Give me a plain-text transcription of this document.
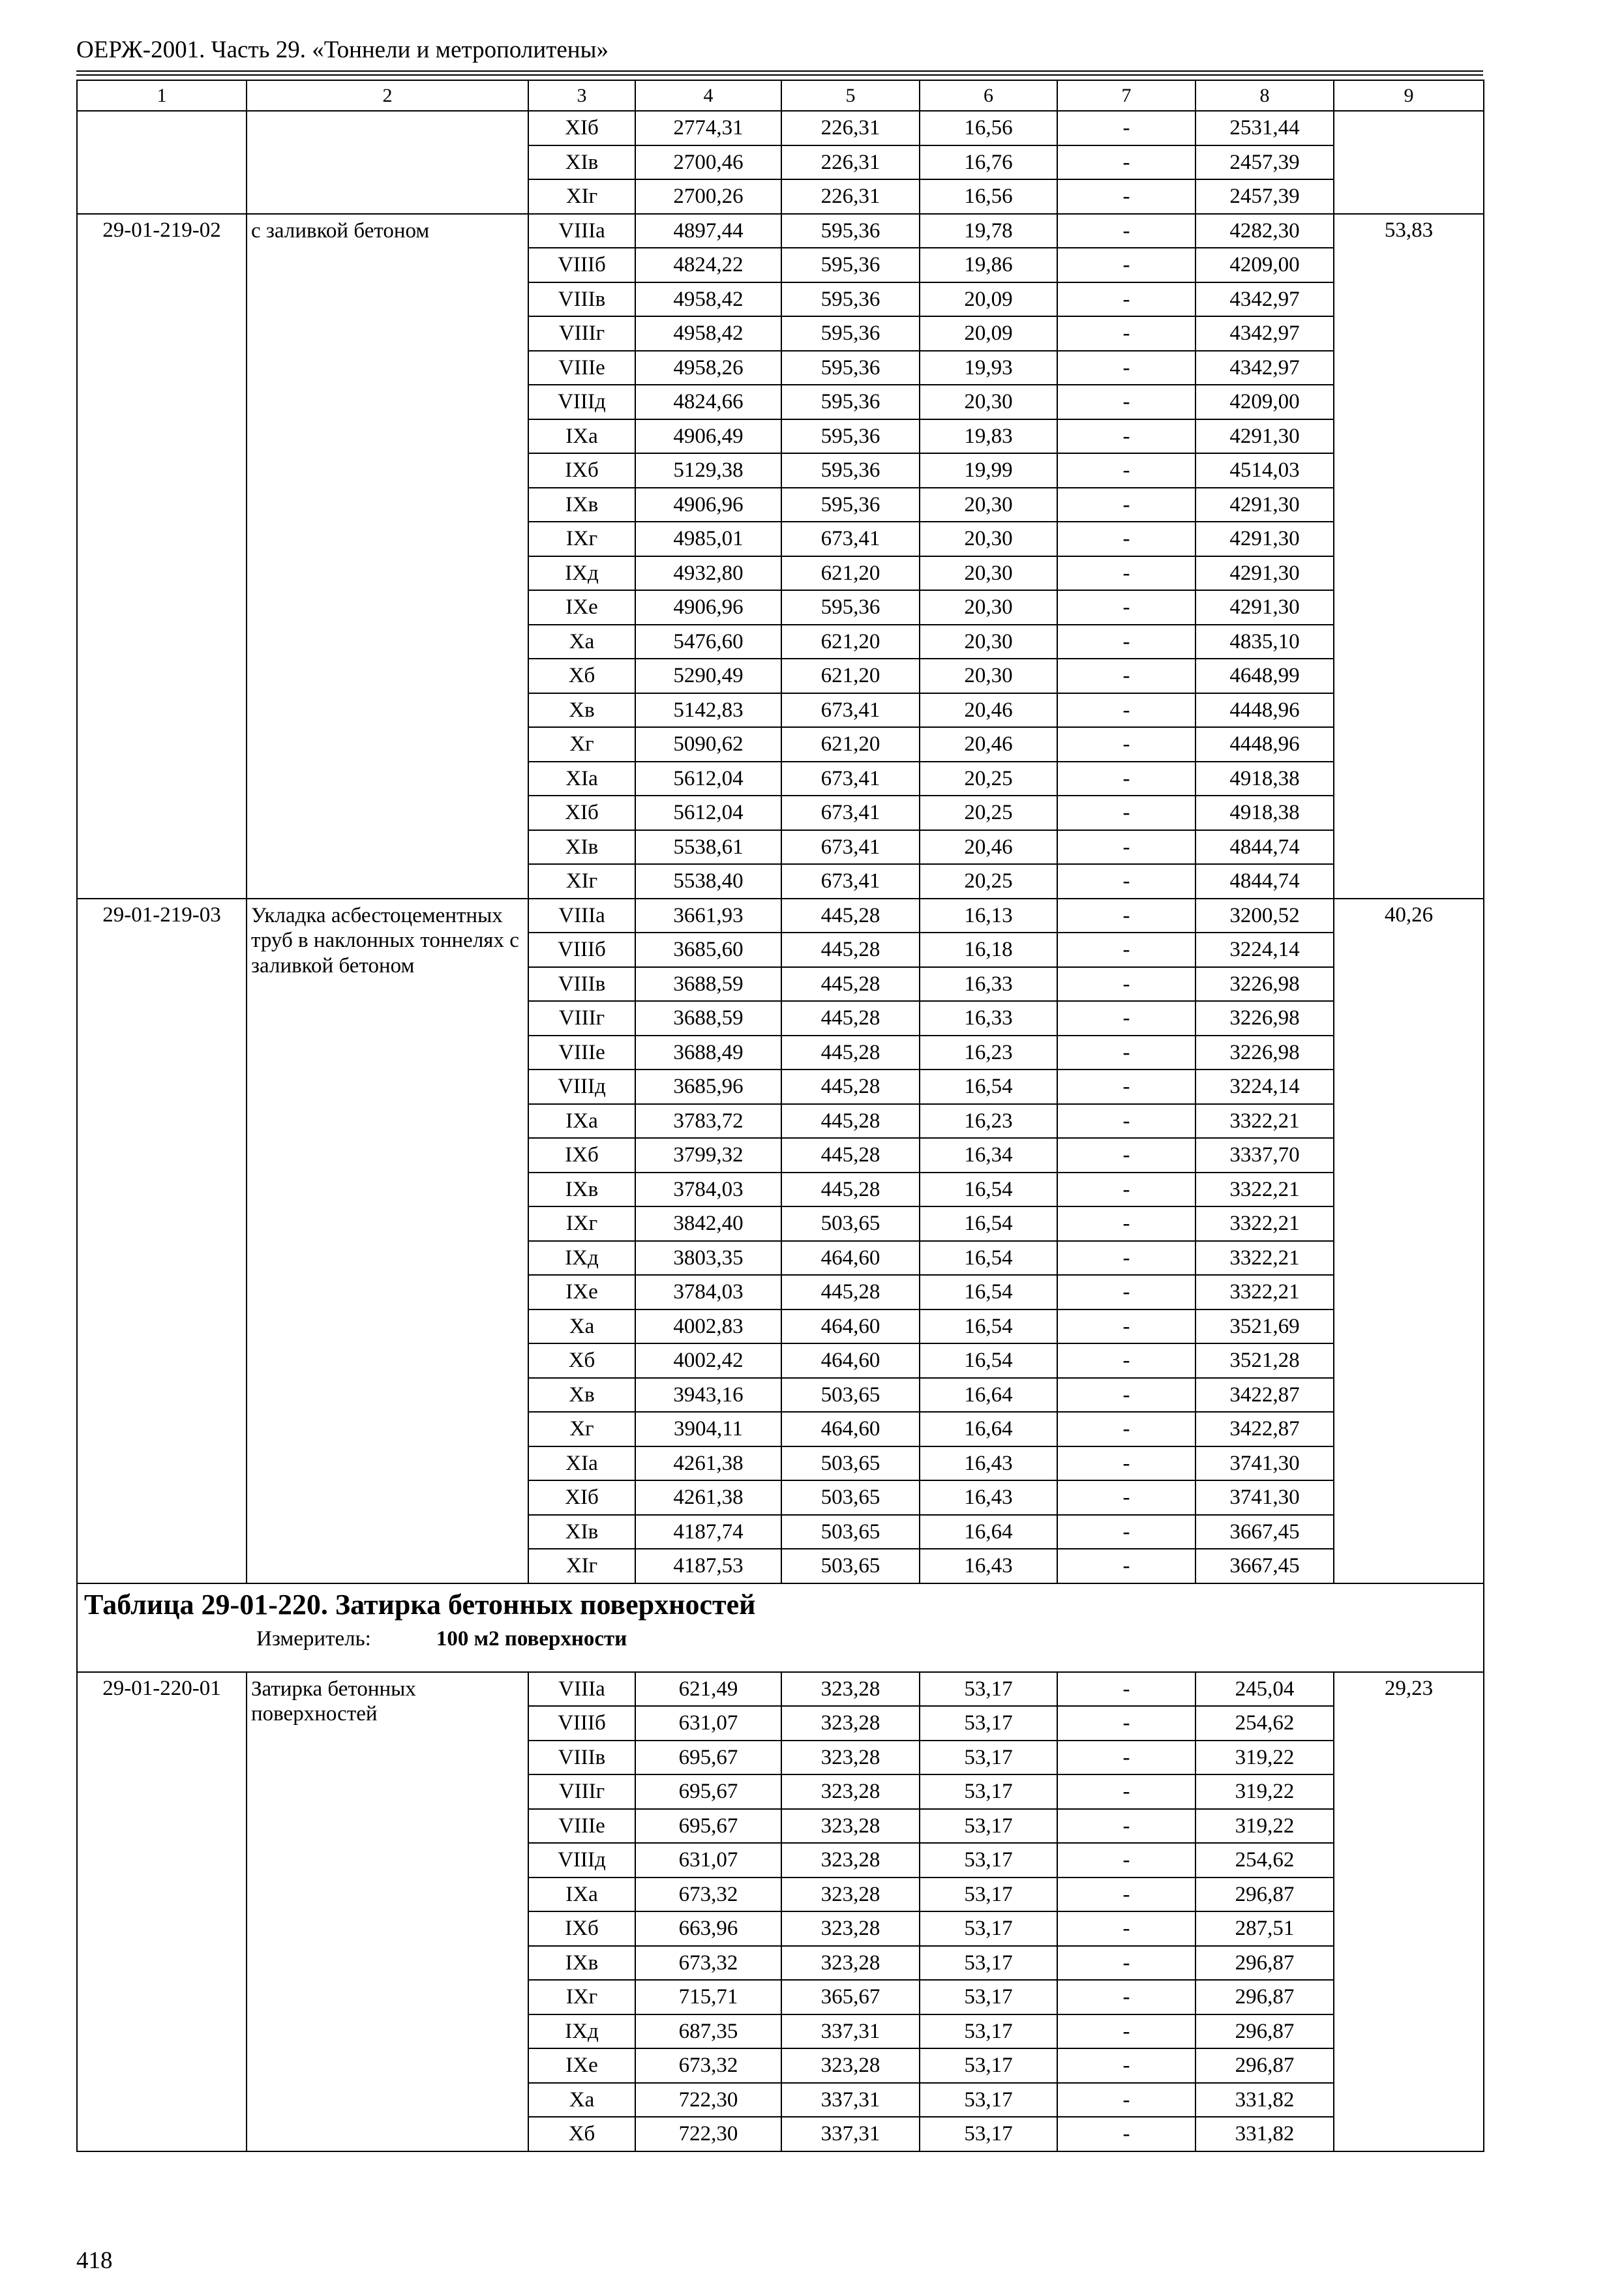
ОЕРЖ-2001. Часть 29. «Тоннели и метрополитены»
1	2	3	4	5	6	7	8	9
		XIб	2774,31	226,31	16,56	-	2531,44	
		XIв	2700,46	226,31	16,76	-	2457,39	
		XIг	2700,26	226,31	16,56	-	2457,39	
29-01-219-02	с заливкой бетоном	VIIIа	4897,44	595,36	19,78	-	4282,30	53,83
		VIIIб	4824,22	595,36	19,86	-	4209,00	
		VIIIв	4958,42	595,36	20,09	-	4342,97	
		VIIIг	4958,42	595,36	20,09	-	4342,97	
		VIIIе	4958,26	595,36	19,93	-	4342,97	
		VIIIд	4824,66	595,36	20,30	-	4209,00	
		IXа	4906,49	595,36	19,83	-	4291,30	
		IXб	5129,38	595,36	19,99	-	4514,03	
		IXв	4906,96	595,36	20,30	-	4291,30	
		IXг	4985,01	673,41	20,30	-	4291,30	
		IXд	4932,80	621,20	20,30	-	4291,30	
		IXе	4906,96	595,36	20,30	-	4291,30	
		Xа	5476,60	621,20	20,30	-	4835,10	
		Xб	5290,49	621,20	20,30	-	4648,99	
		Xв	5142,83	673,41	20,46	-	4448,96	
		Xг	5090,62	621,20	20,46	-	4448,96	
		XIа	5612,04	673,41	20,25	-	4918,38	
		XIб	5612,04	673,41	20,25	-	4918,38	
		XIв	5538,61	673,41	20,46	-	4844,74	
		XIг	5538,40	673,41	20,25	-	4844,74	
29-01-219-03	Укладка асбестоцементных труб в наклонных тоннелях с заливкой бетоном	VIIIа	3661,93	445,28	16,13	-	3200,52	40,26
		VIIIб	3685,60	445,28	16,18	-	3224,14	
		VIIIв	3688,59	445,28	16,33	-	3226,98	
		VIIIг	3688,59	445,28	16,33	-	3226,98	
		VIIIе	3688,49	445,28	16,23	-	3226,98	
		VIIIд	3685,96	445,28	16,54	-	3224,14	
		IXа	3783,72	445,28	16,23	-	3322,21	
		IXб	3799,32	445,28	16,34	-	3337,70	
		IXв	3784,03	445,28	16,54	-	3322,21	
		IXг	3842,40	503,65	16,54	-	3322,21	
		IXд	3803,35	464,60	16,54	-	3322,21	
		IXе	3784,03	445,28	16,54	-	3322,21	
		Xа	4002,83	464,60	16,54	-	3521,69	
		Xб	4002,42	464,60	16,54	-	3521,28	
		Xв	3943,16	503,65	16,64	-	3422,87	
		Xг	3904,11	464,60	16,64	-	3422,87	
		XIа	4261,38	503,65	16,43	-	3741,30	
		XIб	4261,38	503,65	16,43	-	3741,30	
		XIв	4187,74	503,65	16,64	-	3667,45	
		XIг	4187,53	503,65	16,43	-	3667,45	

Таблица 29-01-220. Затирка бетонных поверхностей
Измеритель: 100 м2 поверхности								

29-01-220-01	Затирка бетонных поверхностей	VIIIа	621,49	323,28	53,17	-	245,04	29,23
		VIIIб	631,07	323,28	53,17	-	254,62	
		VIIIв	695,67	323,28	53,17	-	319,22	
		VIIIг	695,67	323,28	53,17	-	319,22	
		VIIIе	695,67	323,28	53,17	-	319,22	
		VIIIд	631,07	323,28	53,17	-	254,62	
		IXа	673,32	323,28	53,17	-	296,87	
		IXб	663,96	323,28	53,17	-	287,51	
		IXв	673,32	323,28	53,17	-	296,87	
		IXг	715,71	365,67	53,17	-	296,87	
		IXд	687,35	337,31	53,17	-	296,87	
		IXе	673,32	323,28	53,17	-	296,87	
		Xа	722,30	337,31	53,17	-	331,82	
		Xб	722,30	337,31	53,17	-	331,82	
418
